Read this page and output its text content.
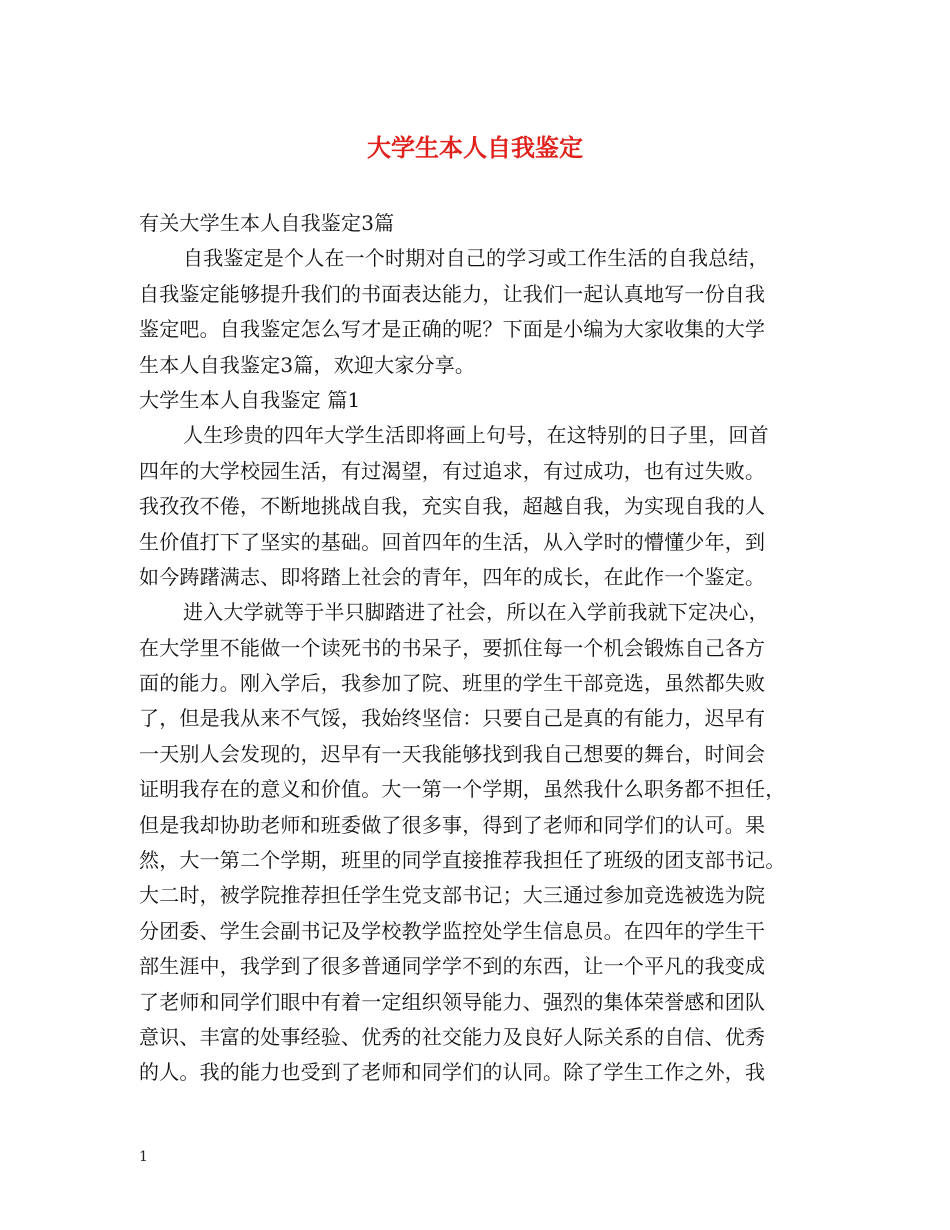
大学生本人自我鉴定
有关大学生本人自我鉴定3篇
自我鉴定是个人在一个时期对自己的学习或工作生活的自我总结，
自我鉴定能够提升我们的书面表达能力，让我们一起认真地写一份自我
鉴定吧。自我鉴定怎么写才是正确的呢？下面是小编为大家收集的大学
生本人自我鉴定3篇，欢迎大家分享。
大学生本人自我鉴定 篇1
人生珍贵的四年大学生活即将画上句号，在这特别的日子里，回首
四年的大学校园生活，有过渴望，有过追求，有过成功，也有过失败。
我孜孜不倦，不断地挑战自我，充实自我，超越自我，为实现自我的人
生价值打下了坚实的基础。回首四年的生活，从入学时的懵懂少年，到
如今踌躇满志、即将踏上社会的青年，四年的成长，在此作一个鉴定。
进入大学就等于半只脚踏进了社会，所以在入学前我就下定决心，
在大学里不能做一个读死书的书呆子，要抓住每一个机会锻炼自己各方
面的能力。刚入学后，我参加了院、班里的学生干部竞选，虽然都失败
了，但是我从来不气馁，我始终坚信：只要自己是真的有能力，迟早有
一天别人会发现的，迟早有一天我能够找到我自己想要的舞台，时间会
证明我存在的意义和价值。大一第一个学期，虽然我什么职务都不担任，
但是我却协助老师和班委做了很多事，得到了老师和同学们的认可。果
然，大一第二个学期，班里的同学直接推荐我担任了班级的团支部书记。
大二时，被学院推荐担任学生党支部书记；大三通过参加竞选被选为院
分团委、学生会副书记及学校教学监控处学生信息员。在四年的学生干
部生涯中，我学到了很多普通同学学不到的东西，让一个平凡的我变成
了老师和同学们眼中有着一定组织领导能力、强烈的集体荣誉感和团队
意识、丰富的处事经验、优秀的社交能力及良好人际关系的自信、优秀
的人。我的能力也受到了老师和同学们的认同。除了学生工作之外，我
1
